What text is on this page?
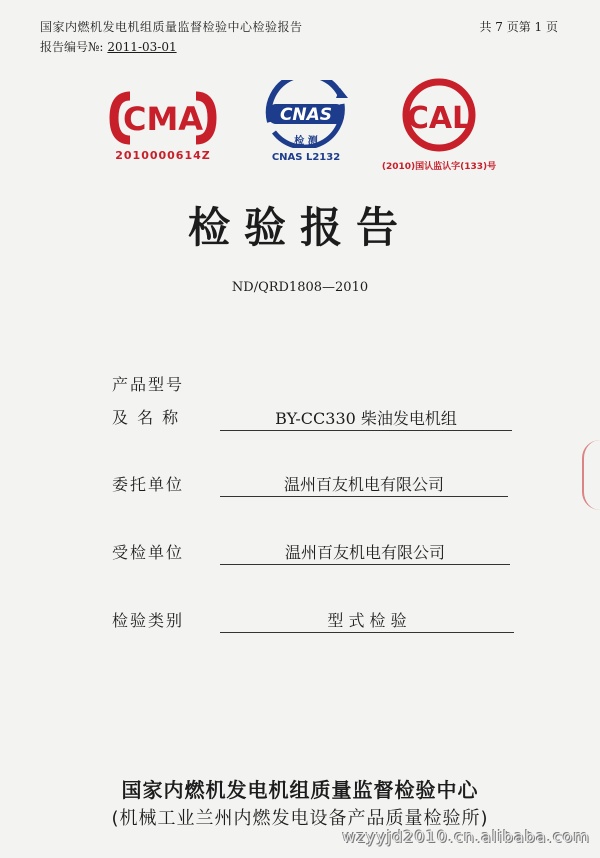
国家内燃机发电机组质量监督检验中心检验报告	共 7 页第 1 页
报告编号№: 2011-03-01
CMA
2010000614Z
CNAS
检 测
CNAS L2132
CAL
(2010)国认监认字(133)号
检验报告
ND/QRD1808—2010
产品型号
及 名 称	BY-CC330 柴油发电机组
委托单位	温州百友机电有限公司
受检单位	温州百友机电有限公司
检验类别	型 式 检 验
国家内燃机发电机组质量监督检验中心
(机械工业兰州内燃发电设备产品质量检验所)
wzyyjd2010.cn.alibaba.com
